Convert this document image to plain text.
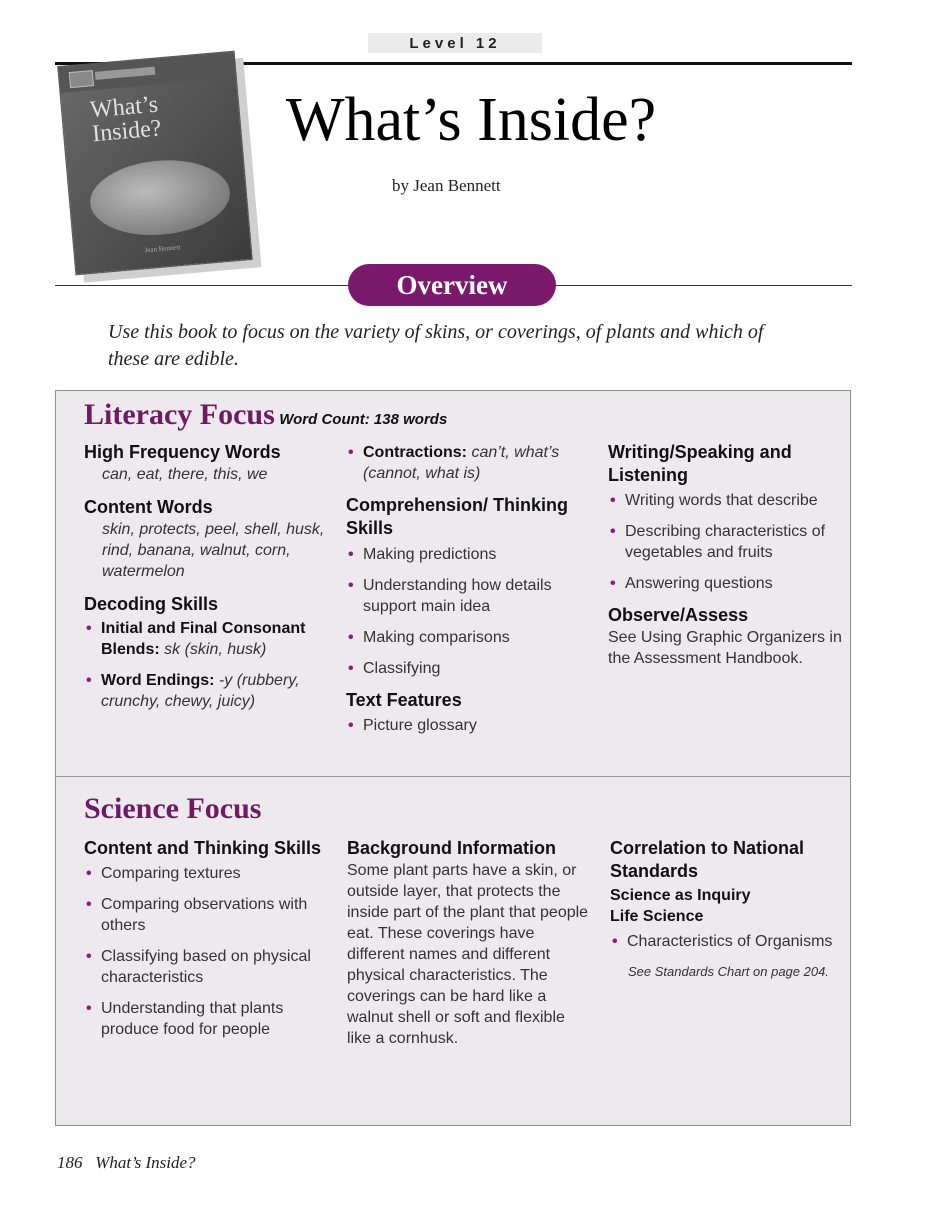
Level 12
What’s
Inside?
Jean Bennett
What’s Inside?
by Jean Bennett
Overview
Use this book to focus on the variety of skins, or coverings, of plants and which of these are edible.
Literacy Focus Word Count: 138 words
High Frequency Words
can, eat, there, this, we
Content Words
skin, protects, peel, shell, husk, rind, banana, walnut, corn, watermelon
Decoding Skills
• Initial and Final Consonant Blends: sk (skin, husk)
• Word Endings: -y (rubbery, crunchy, chewy, juicy)
• Contractions: can’t, what’s (cannot, what is)
Comprehension/ Thinking Skills
• Making predictions
• Understanding how details support main idea
• Making comparisons
• Classifying
Text Features
• Picture glossary
Writing/Speaking and Listening
• Writing words that describe
• Describing characteristics of vegetables and fruits
• Answering questions
Observe/Assess
See Using Graphic Organizers in the Assessment Handbook.
Science Focus
Content and Thinking Skills
• Comparing textures
• Comparing observations with others
• Classifying based on physical characteristics
• Understanding that plants produce food for people
Background Information
Some plant parts have a skin, or outside layer, that protects the inside part of the plant that people eat. These coverings have different names and different physical characteristics. The coverings can be hard like a walnut shell or soft and flexible like a cornhusk.
Correlation to National Standards
Science as Inquiry
Life Science
• Characteristics of Organisms
See Standards Chart on page 204.
186   What’s Inside?
